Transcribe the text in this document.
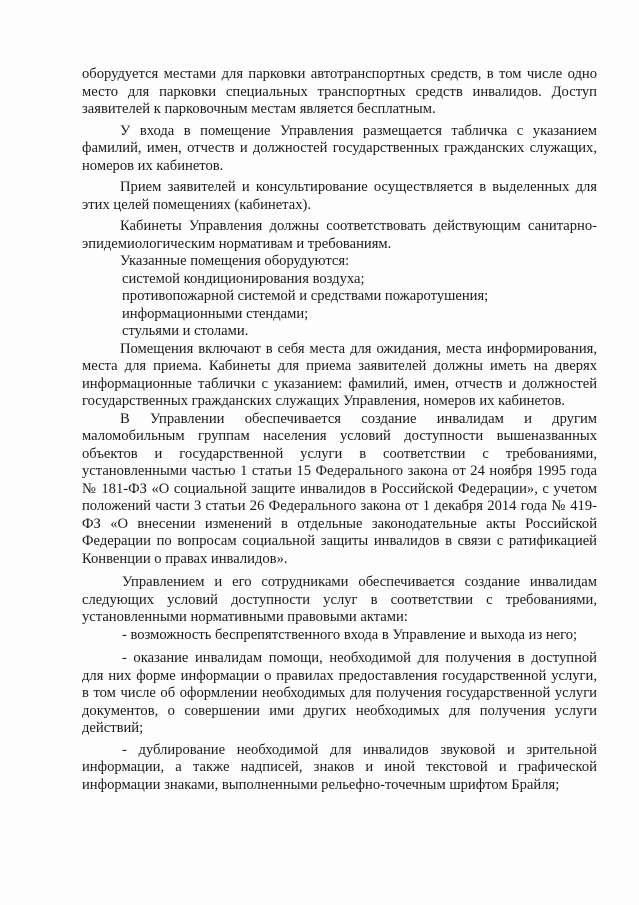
оборудуется местами для парковки автотранспортных средств, в том числе одно место для парковки специальных транспортных средств инвалидов. Доступ заявителей к парковочным местам является бесплатным.

У входа в помещение Управления размещается табличка с указанием фамилий, имен, отчеств и должностей государственных гражданских служащих, номеров их кабинетов.

Прием заявителей и консультирование осуществляется в выделенных для этих целей помещениях (кабинетах).

Кабинеты Управления должны соответствовать действующим санитарно-эпидемиологическим нормативам и требованиям.

Указанные помещения оборудуются:

системой кондиционирования воздуха;

противопожарной системой и средствами пожаротушения;

информационными стендами;

стульями и столами.

Помещения включают в себя места для ожидания, места информирования, места для приема. Кабинеты для приема заявителей должны иметь на дверях информационные таблички с указанием: фамилий, имен, отчеств и должностей государственных гражданских служащих Управления, номеров их кабинетов.

В Управлении обеспечивается создание инвалидам и другим маломобильным группам населения условий доступности вышеназванных объектов и государственной услуги в соответствии с требованиями, установленными частью 1 статьи 15 Федерального закона от 24 ноября 1995 года № 181-ФЗ «О социальной защите инвалидов в Российской Федерации», с учетом положений части 3 статьи 26 Федерального закона от 1 декабря 2014 года № 419-ФЗ «О внесении изменений в отдельные законодательные акты Российской Федерации по вопросам социальной защиты инвалидов в связи с ратификацией Конвенции о правах инвалидов».

Управлением и его сотрудниками обеспечивается создание инвалидам следующих условий доступности услуг в соответствии с требованиями, установленными нормативными правовыми актами:

- возможность беспрепятственного входа в Управление и выхода из него;

- оказание инвалидам помощи, необходимой для получения в доступной для них форме информации о правилах предоставления государственной услуги, в том числе об оформлении необходимых для получения государственной услуги документов, о совершении ими других необходимых для получения услуги действий;

- дублирование необходимой для инвалидов звуковой и зрительной информации, а также надписей, знаков и иной текстовой и графической информации знаками, выполненными рельефно-точечным шрифтом Брайля;
